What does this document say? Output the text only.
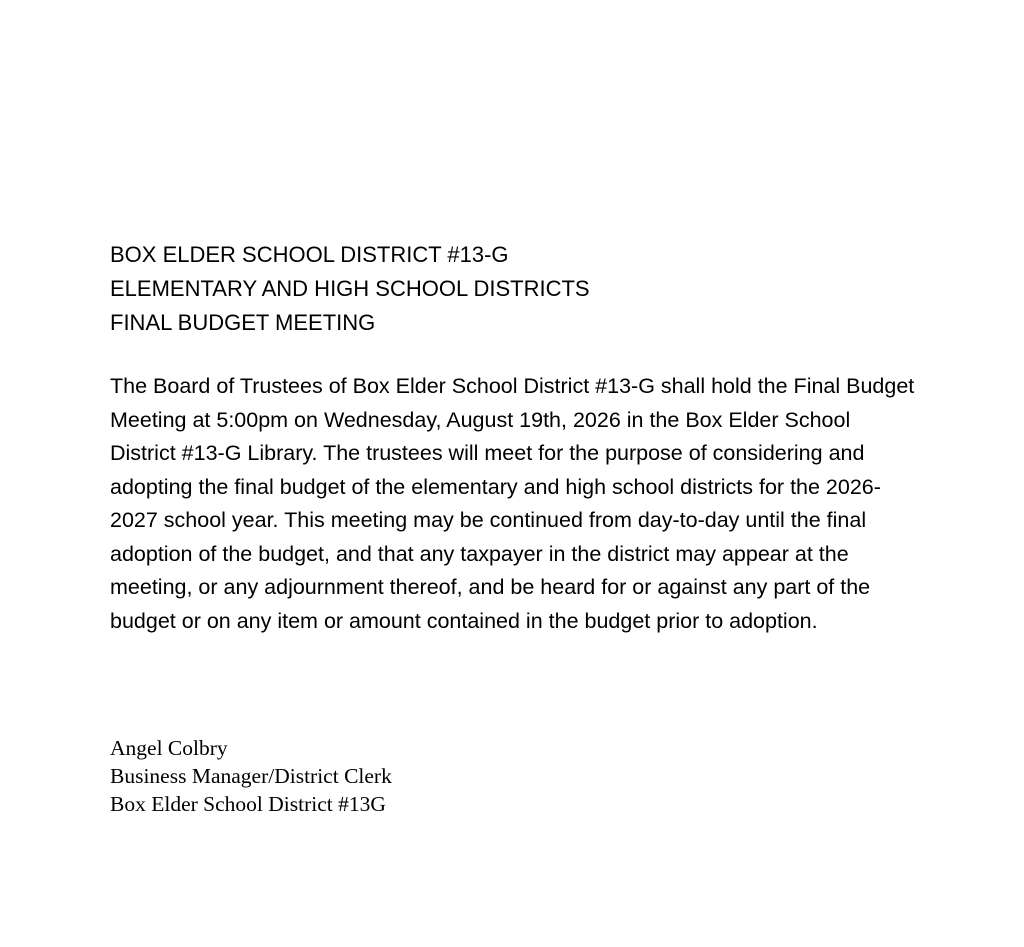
BOX ELDER SCHOOL DISTRICT #13-G
ELEMENTARY AND HIGH SCHOOL DISTRICTS
FINAL BUDGET MEETING

The Board of Trustees of Box Elder School District #13-G shall hold the Final Budget Meeting at 5:00pm on Wednesday, August 19th, 2026 in the Box Elder School District #13-G Library. The trustees will meet for the purpose of considering and adopting the final budget of the elementary and high school districts for the 2026-2027 school year. This meeting may be continued from day-to-day until the final adoption of the budget, and that any taxpayer in the district may appear at the meeting, or any adjournment thereof, and be heard for or against any part of the budget or on any item or amount contained in the budget prior to adoption.

Angel Colbry
Business Manager/District Clerk
Box Elder School District #13G
